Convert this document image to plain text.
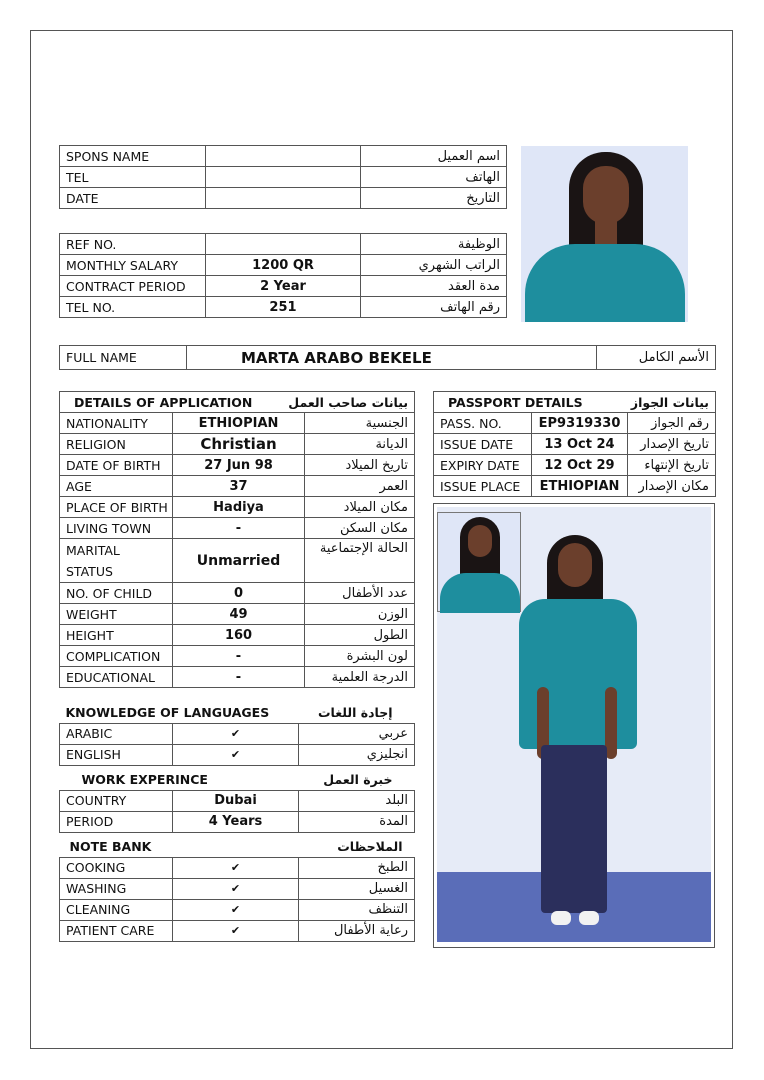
SPONS NAME		اسم العميل
TEL		الهاتف
DATE		التاريخ
REF NO.		الوظيفة
MONTHLY SALARY	1200 QR	الراتب الشهري
CONTRACT PERIOD	2 Year	مدة العقد
TEL NO.	251	رقم الهاتف
FULL NAME	MARTA ARABO BEKELE	الأسم الكامل
DETAILS OF APPLICATION		بيانات صاحب العمل
NATIONALITY	ETHIOPIAN	الجنسية
RELIGION	Christian	الديانة
DATE OF BIRTH	27 Jun 98	تاريخ الميلاد
AGE	37	العمر
PLACE OF BIRTH	Hadiya	مكان الميلاد
LIVING TOWN	-	مكان السكن
MARITAL STATUS	Unmarried	الحالة الإجتماعية
NO. OF CHILD	0	عدد الأطفال
WEIGHT	49	الوزن
HEIGHT	160	الطول
COMPLICATION	-	لون البشرة
EDUCATIONAL	-	الدرجة العلمية
KNOWLEDGE OF LANGUAGES		إجادة اللغات
ARABIC	✔	عربي
ENGLISH	✔	انجليزي
WORK EXPERINCE		خبرة العمل
COUNTRY	Dubai	البلد
PERIOD	4 Years	المدة
NOTE BANK		الملاحظات
COOKING	✔	الطبخ
WASHING	✔	الغسيل
CLEANING	✔	التنظف
PATIENT CARE	✔	رعاية الأطفال
PASSPORT DETAILS		بيانات الجواز
PASS. NO.	EP9319330	رقم الجواز
ISSUE DATE	13 Oct 24	تاريخ الإصدار
EXPIRY DATE	12 Oct 29	تاريخ الإنتهاء
ISSUE PLACE	ETHIOPIAN	مكان الإصدار
